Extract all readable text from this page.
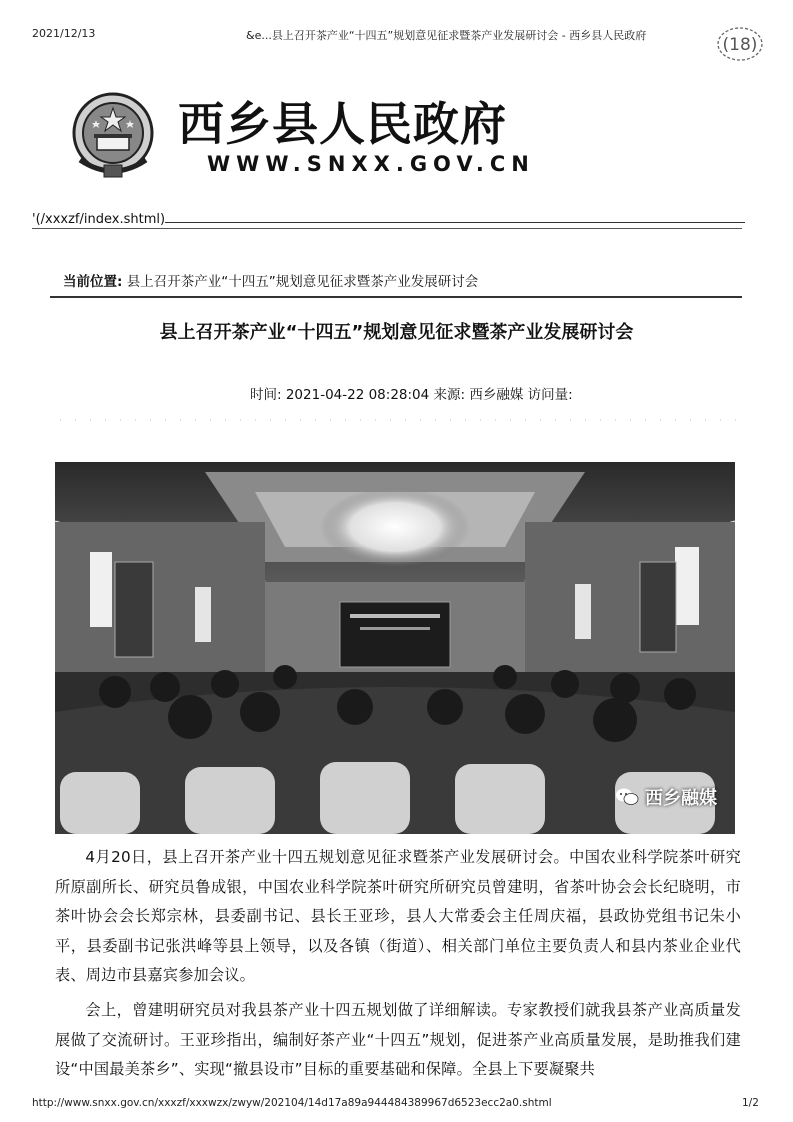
2021/12/13	&e...县上召开茶产业“十四五”规划意见征求暨茶产业发展研讨会 - 西乡县人民政府	(18)
西乡县人民政府
WWW.SNXX.GOV.CN
'(/xxxzf/index.shtml)
当前位置: 县上召开茶产业“十四五”规划意见征求暨茶产业发展研讨会
县上召开茶产业“十四五”规划意见征求暨茶产业发展研讨会
时间: 2021-04-22 08:28:04 来源: 西乡融媒 访问量:
西乡融媒
4月20日，县上召开茶产业十四五规划意见征求暨茶产业发展研讨会。中国农业科学院茶叶研究所原副所长、研究员鲁成银，中国农业科学院茶叶研究所研究员曾建明，省茶叶协会会长纪晓明，市茶叶协会会长郑宗林，县委副书记、县长王亚珍，县人大常委会主任周庆福，县政协党组书记朱小平，县委副书记张洪峰等县上领导，以及各镇（街道）、相关部门单位主要负责人和县内茶业企业代表、周边市县嘉宾参加会议。
会上，曾建明研究员对我县茶产业十四五规划做了详细解读。专家教授们就我县茶产业高质量发展做了交流研讨。王亚珍指出，编制好茶产业“十四五”规划，促进茶产业高质量发展，是助推我们建设“中国最美茶乡”、实现“撤县设市”目标的重要基础和保障。全县上下要凝聚共
http://www.snxx.gov.cn/xxxzf/xxxwzx/zwyw/202104/14d17a89a944484389967d6523ecc2a0.shtml	1/2
